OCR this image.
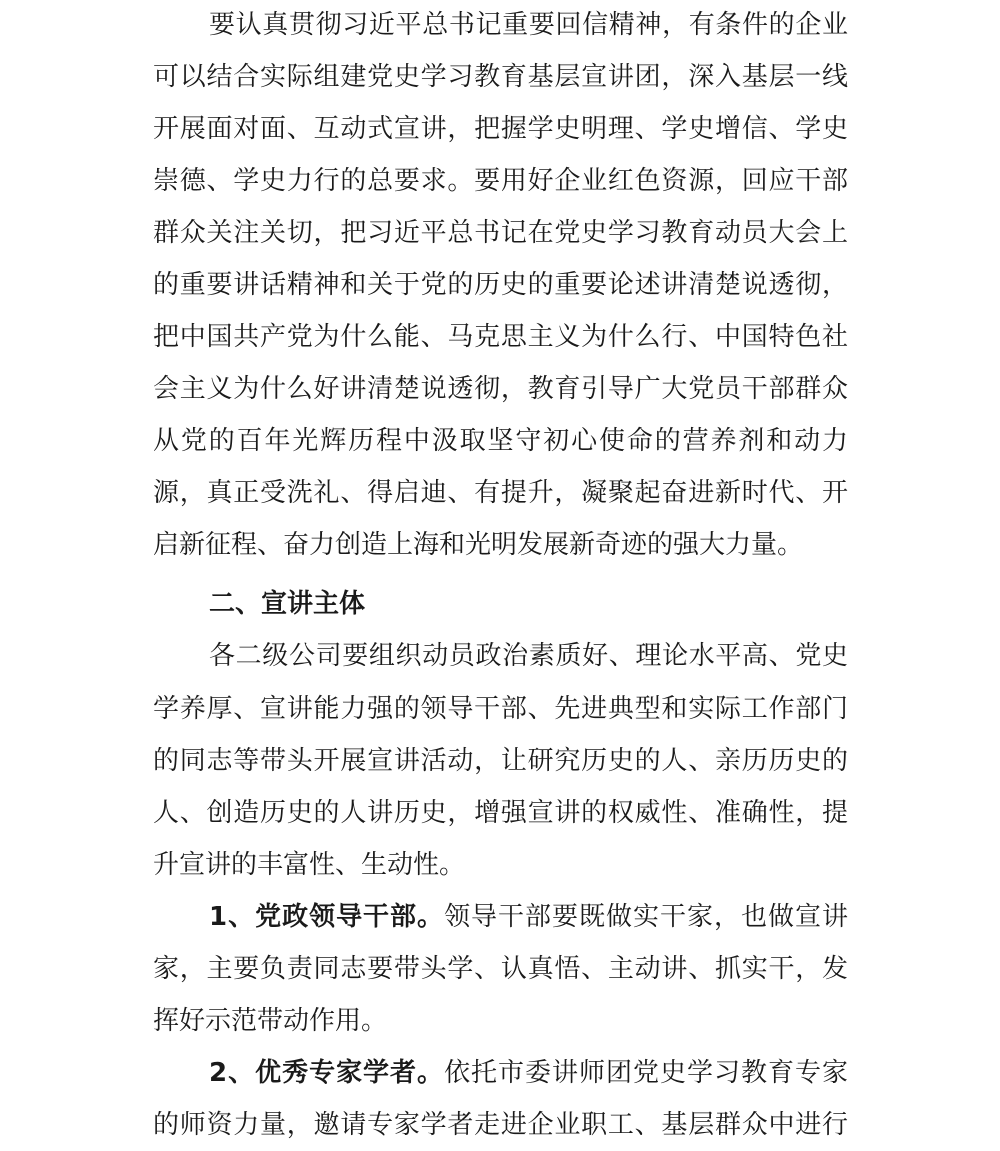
要认真贯彻习近平总书记重要回信精神，有条件的企业
可以结合实际组建党史学习教育基层宣讲团，深入基层一线
开展面对面、互动式宣讲，把握学史明理、学史增信、学史
崇德、学史力行的总要求。要用好企业红色资源，回应干部
群众关注关切，把习近平总书记在党史学习教育动员大会上
的重要讲话精神和关于党的历史的重要论述讲清楚说透彻，
把中国共产党为什么能、马克思主义为什么行、中国特色社
会主义为什么好讲清楚说透彻，教育引导广大党员干部群众
从党的百年光辉历程中汲取坚守初心使命的营养剂和动力
源，真正受洗礼、得启迪、有提升，凝聚起奋进新时代、开
启新征程、奋力创造上海和光明发展新奇迹的强大力量。
二、宣讲主体
各二级公司要组织动员政治素质好、理论水平高、党史
学养厚、宣讲能力强的领导干部、先进典型和实际工作部门
的同志等带头开展宣讲活动，让研究历史的人、亲历历史的
人、创造历史的人讲历史，增强宣讲的权威性、准确性，提
升宣讲的丰富性、生动性。
1、党政领导干部。领导干部要既做实干家，也做宣讲
家，主要负责同志要带头学、认真悟、主动讲、抓实干，发
挥好示范带动作用。
2、优秀专家学者。依托市委讲师团党史学习教育专家
的师资力量，邀请专家学者走进企业职工、基层群众中进行
